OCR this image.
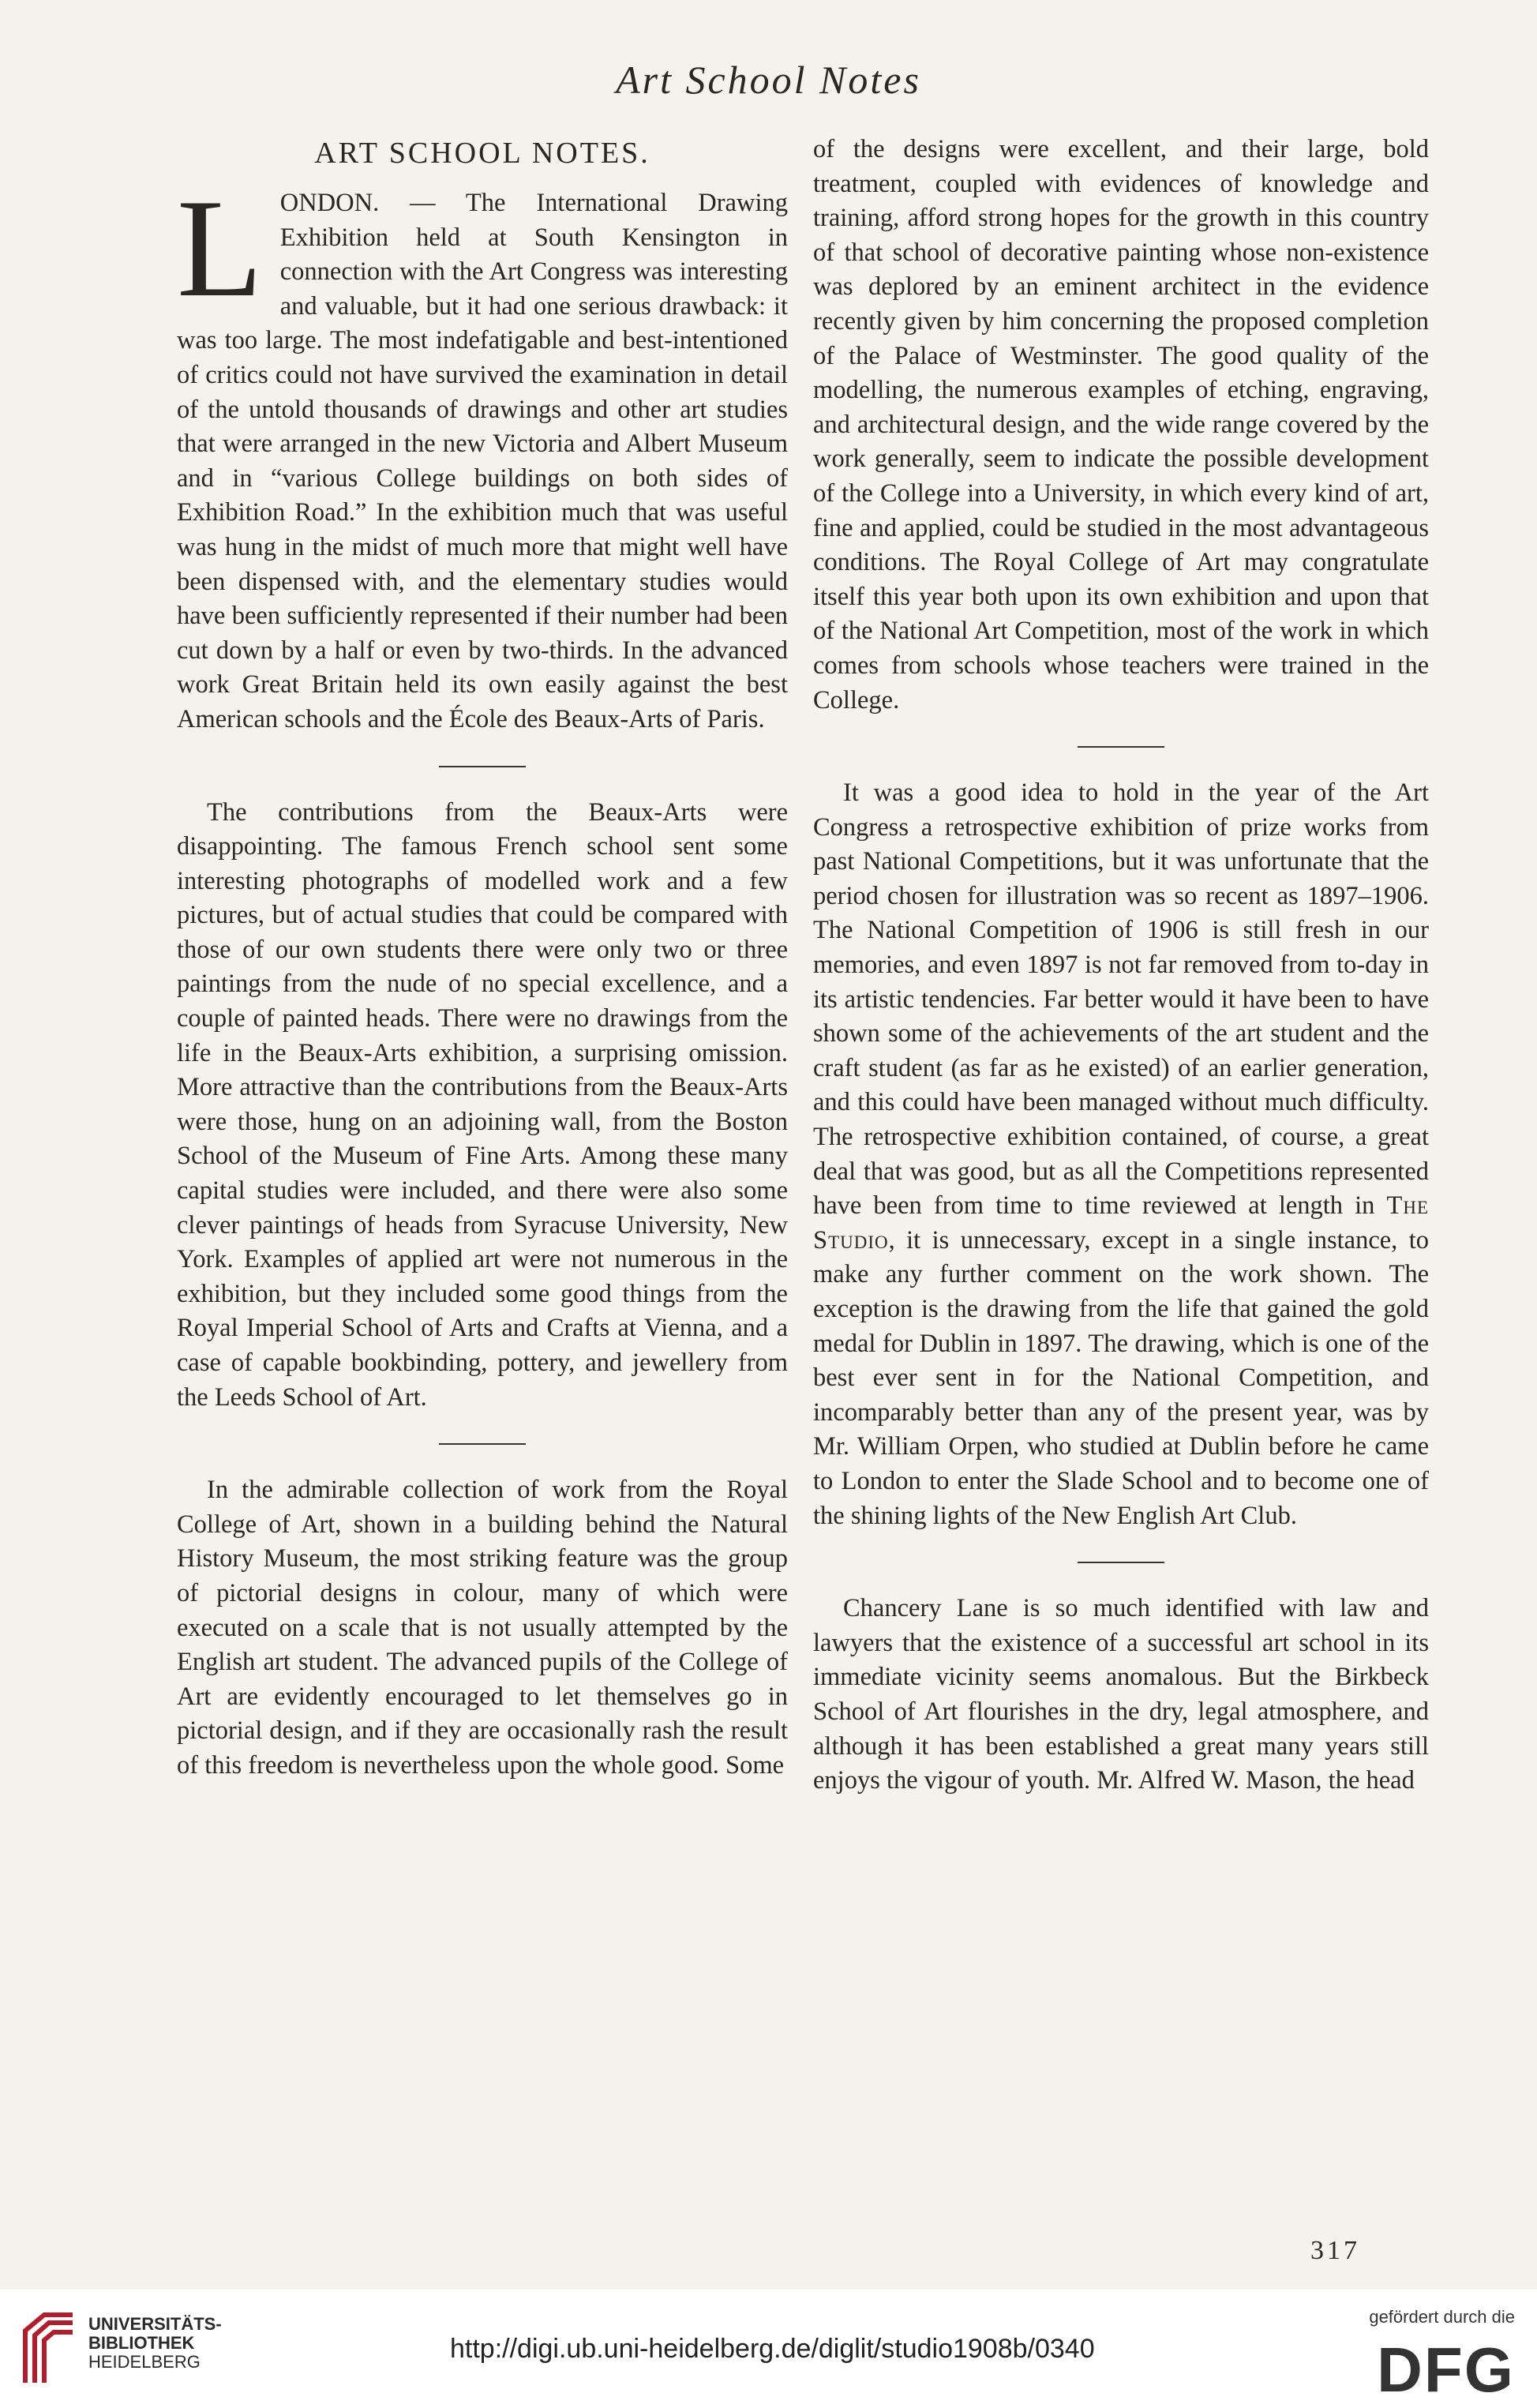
Art School Notes
ART SCHOOL NOTES.

LONDON. — The International Drawing Exhibition held at South Kensington in connection with the Art Congress was interesting and valuable, but it had one serious drawback: it was too large. The most indefatigable and best-intentioned of critics could not have survived the examination in detail of the untold thousands of drawings and other art studies that were arranged in the new Victoria and Albert Museum and in “various College buildings on both sides of Exhibition Road.” In the exhibition much that was useful was hung in the midst of much more that might well have been dispensed with, and the elementary studies would have been sufficiently represented if their number had been cut down by a half or even by two-thirds. In the advanced work Great Britain held its own easily against the best American schools and the École des Beaux-Arts of Paris.

The contributions from the Beaux-Arts were disappointing. The famous French school sent some interesting photographs of modelled work and a few pictures, but of actual studies that could be compared with those of our own students there were only two or three paintings from the nude of no special excellence, and a couple of painted heads. There were no drawings from the life in the Beaux-Arts exhibition, a surprising omission. More attractive than the contributions from the Beaux-Arts were those, hung on an adjoining wall, from the Boston School of the Museum of Fine Arts. Among these many capital studies were included, and there were also some clever paintings of heads from Syracuse University, New York. Examples of applied art were not numerous in the exhibition, but they included some good things from the Royal Imperial School of Arts and Crafts at Vienna, and a case of capable bookbinding, pottery, and jewellery from the Leeds School of Art.

In the admirable collection of work from the Royal College of Art, shown in a building behind the Natural History Museum, the most striking feature was the group of pictorial designs in colour, many of which were executed on a scale that is not usually attempted by the English art student. The advanced pupils of the College of Art are evidently encouraged to let themselves go in pictorial design, and if they are occasionally rash the result of this freedom is nevertheless upon the whole good. Some

of the designs were excellent, and their large, bold treatment, coupled with evidences of knowledge and training, afford strong hopes for the growth in this country of that school of decorative painting whose non-existence was deplored by an eminent architect in the evidence recently given by him concerning the proposed completion of the Palace of Westminster. The good quality of the modelling, the numerous examples of etching, engraving, and architectural design, and the wide range covered by the work generally, seem to indicate the possible development of the College into a University, in which every kind of art, fine and applied, could be studied in the most advantageous conditions. The Royal College of Art may congratulate itself this year both upon its own exhibition and upon that of the National Art Competition, most of the work in which comes from schools whose teachers were trained in the College.

It was a good idea to hold in the year of the Art Congress a retrospective exhibition of prize works from past National Competitions, but it was unfortunate that the period chosen for illustration was so recent as 1897–1906. The National Competition of 1906 is still fresh in our memories, and even 1897 is not far removed from to-day in its artistic tendencies. Far better would it have been to have shown some of the achievements of the art student and the craft student (as far as he existed) of an earlier generation, and this could have been managed without much difficulty. The retrospective exhibition contained, of course, a great deal that was good, but as all the Competitions represented have been from time to time reviewed at length in The Studio, it is unnecessary, except in a single instance, to make any further comment on the work shown. The exception is the drawing from the life that gained the gold medal for Dublin in 1897. The drawing, which is one of the best ever sent in for the National Competition, and incomparably better than any of the present year, was by Mr. William Orpen, who studied at Dublin before he came to London to enter the Slade School and to become one of the shining lights of the New English Art Club.

Chancery Lane is so much identified with law and lawyers that the existence of a successful art school in its immediate vicinity seems anomalous. But the Birkbeck School of Art flourishes in the dry, legal atmosphere, and although it has been established a great many years still enjoys the vigour of youth. Mr. Alfred W. Mason, the head

317
UNIVERSITÄTS-
BIBLIOTHEK
HEIDELBERG	http://digi.ub.uni-heidelberg.de/diglit/studio1908b/0340
gefördert durch die
DFG
